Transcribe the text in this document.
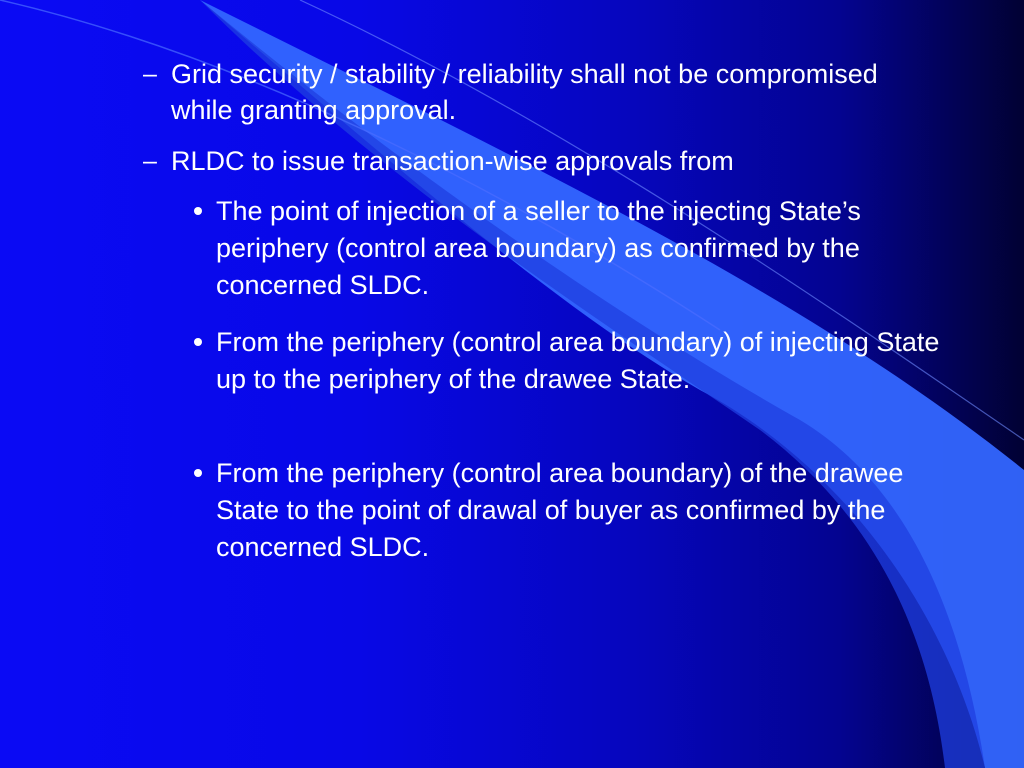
– Grid security / stability / reliability shall not be compromised while granting approval.
– RLDC to issue transaction-wise approvals from
The point of injection of a seller to the injecting State’s periphery (control area boundary) as confirmed by the concerned SLDC.
From the periphery (control area boundary) of injecting State up to the periphery of the drawee State.
From the periphery (control area boundary) of the drawee State to the point of drawal of buyer as confirmed by the concerned SLDC.
